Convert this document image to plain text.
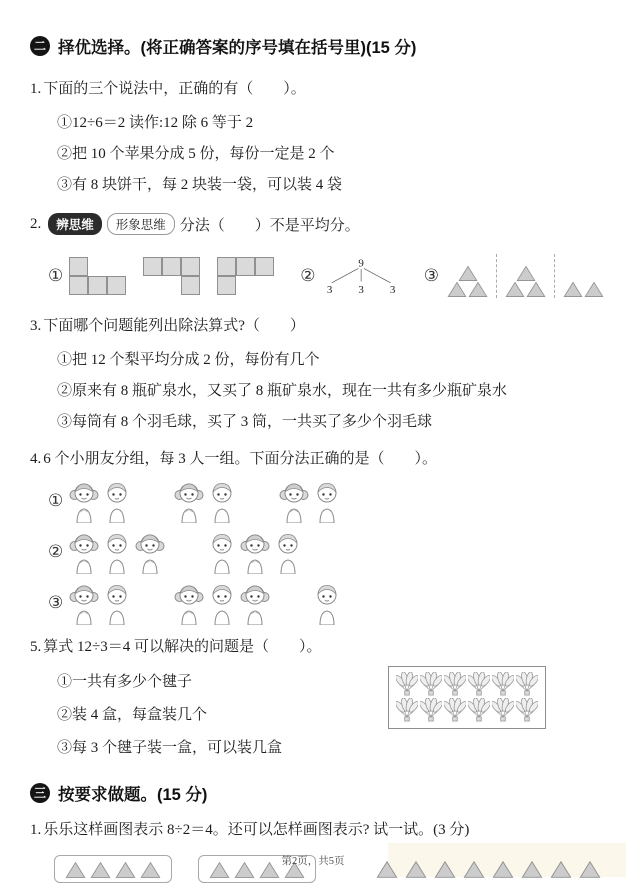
二 择优选择。(将正确答案的序号填在括号里)(15 分)
1. 下面的三个说法中，正确的有（　　）。
①12÷6＝2 读作:12 除 6 等于 2
②把 10 个苹果分成 5 份，每份一定是 2 个
③有 8 块饼干，每 2 块装一袋，可以装 4 袋
2.	辨思维	形象思维 分法（　　）不是平均分。
①	②
9
3 3 3
③
3. 下面哪个问题能列出除法算式?（　　）
①把 12 个梨平均分成 2 份，每份有几个
②原来有 8 瓶矿泉水，又买了 8 瓶矿泉水，现在一共有多少瓶矿泉水
③每筒有 8 个羽毛球，买了 3 筒，一共买了多少个羽毛球
4. 6 个小朋友分组，每 3 人一组。下面分法正确的是（　　）。
①
②
③
5. 算式 12÷3＝4 可以解决的问题是（　　）。
①一共有多少个毽子
②装 4 盒，每盒装几个
③每 3 个毽子装一盒，可以装几盒
三 按要求做题。(15 分)
1. 乐乐这样画图表示 8÷2＝4。还可以怎样画图表示? 试一试。(3 分)
第2页，共5页
